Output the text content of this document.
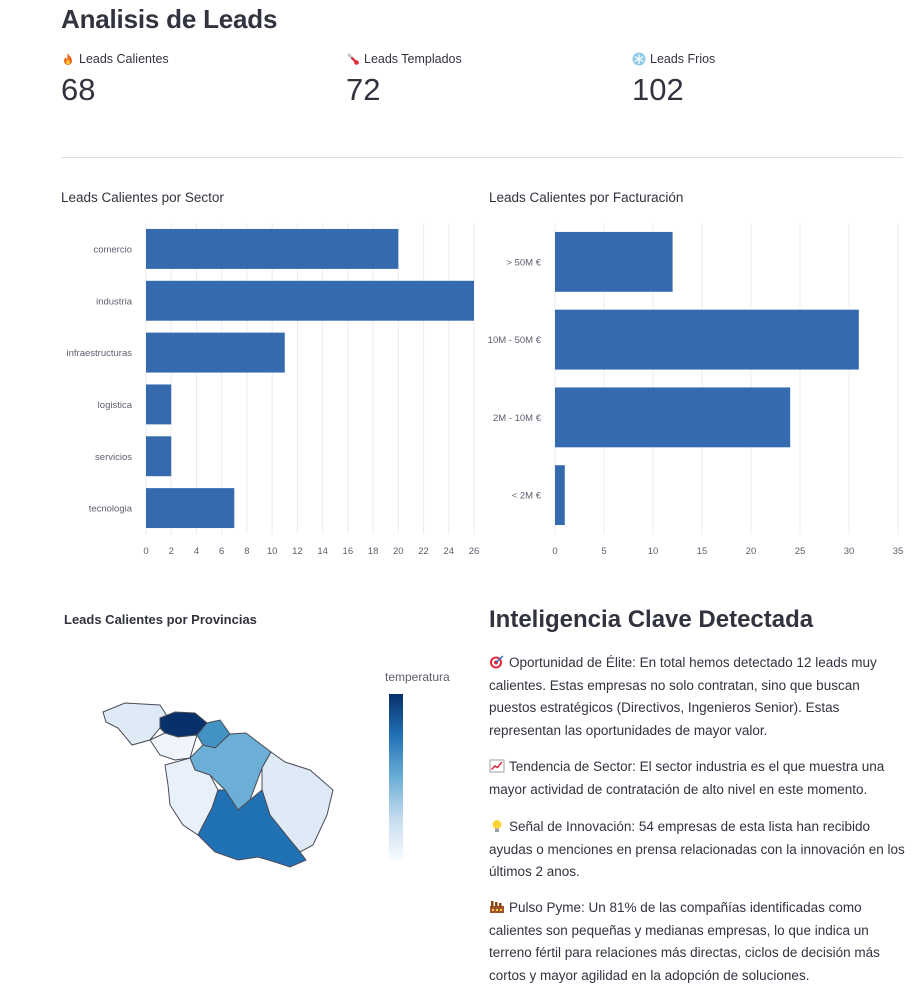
Analisis de Leads
Leads Calientes
68
Leads Templados
72
Leads Frios
102
Leads Calientes por Sector
0 2 4 6 8 10 12 14 16 18 20 22 24 26
comercio
industria
infraestructuras
logistica
servicios
tecnologia
Leads Calientes por Facturación
0	5	10	15	20	25	30	35
> 50M €
10M - 50M €
2M - 10M €
< 2M €
Leads Calientes por Provincias
temperatura
Inteligencia Clave Detectada

Oportunidad de Élite: En total hemos detectado 12 leads muy calientes. Estas empresas no solo contratan, sino que buscan puestos estratégicos (Directivos, Ingenieros Senior). Estas representan las oportunidades de mayor valor.

Tendencia de Sector: El sector industria es el que muestra una mayor actividad de contratación de alto nivel en este momento.

Señal de Innovación: 54 empresas de esta lista han recibido ayudas o menciones en prensa relacionadas con la innovación en los últimos 2 anos.

Pulso Pyme: Un 81% de las compañías identificadas como calientes son pequeñas y medianas empresas, lo que indica un terreno fértil para relaciones más directas, ciclos de decisión más cortos y mayor agilidad en la adopción de soluciones.
